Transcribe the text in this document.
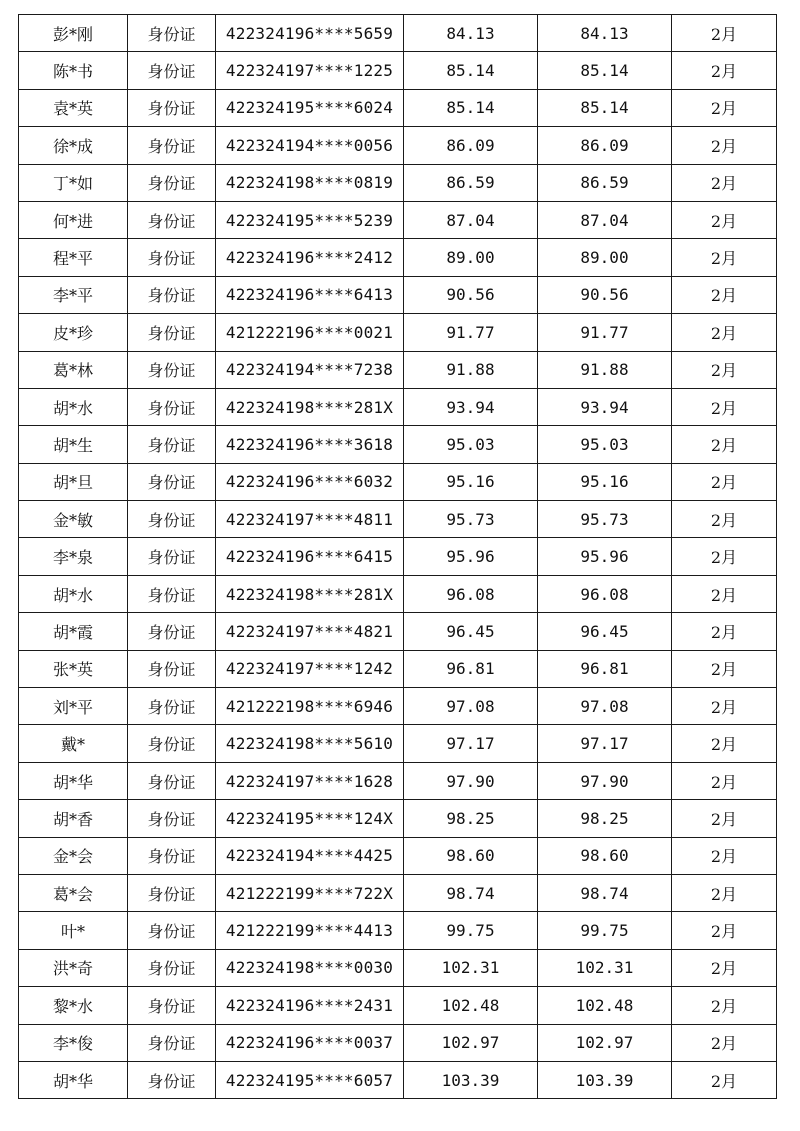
彭*刚	身份证	422324196****5659	84.13	84.13	2月
陈*书	身份证	422324197****1225	85.14	85.14	2月
袁*英	身份证	422324195****6024	85.14	85.14	2月
徐*成	身份证	422324194****0056	86.09	86.09	2月
丁*如	身份证	422324198****0819	86.59	86.59	2月
何*进	身份证	422324195****5239	87.04	87.04	2月
程*平	身份证	422324196****2412	89.00	89.00	2月
李*平	身份证	422324196****6413	90.56	90.56	2月
皮*珍	身份证	421222196****0021	91.77	91.77	2月
葛*林	身份证	422324194****7238	91.88	91.88	2月
胡*水	身份证	422324198****281X	93.94	93.94	2月
胡*生	身份证	422324196****3618	95.03	95.03	2月
胡*旦	身份证	422324196****6032	95.16	95.16	2月
金*敏	身份证	422324197****4811	95.73	95.73	2月
李*泉	身份证	422324196****6415	95.96	95.96	2月
胡*水	身份证	422324198****281X	96.08	96.08	2月
胡*霞	身份证	422324197****4821	96.45	96.45	2月
张*英	身份证	422324197****1242	96.81	96.81	2月
刘*平	身份证	421222198****6946	97.08	97.08	2月
戴*	身份证	422324198****5610	97.17	97.17	2月
胡*华	身份证	422324197****1628	97.90	97.90	2月
胡*香	身份证	422324195****124X	98.25	98.25	2月
金*会	身份证	422324194****4425	98.60	98.60	2月
葛*会	身份证	421222199****722X	98.74	98.74	2月
叶*	身份证	421222199****4413	99.75	99.75	2月
洪*奇	身份证	422324198****0030	102.31	102.31	2月
黎*水	身份证	422324196****2431	102.48	102.48	2月
李*俊	身份证	422324196****0037	102.97	102.97	2月
胡*华	身份证	422324195****6057	103.39	103.39	2月
